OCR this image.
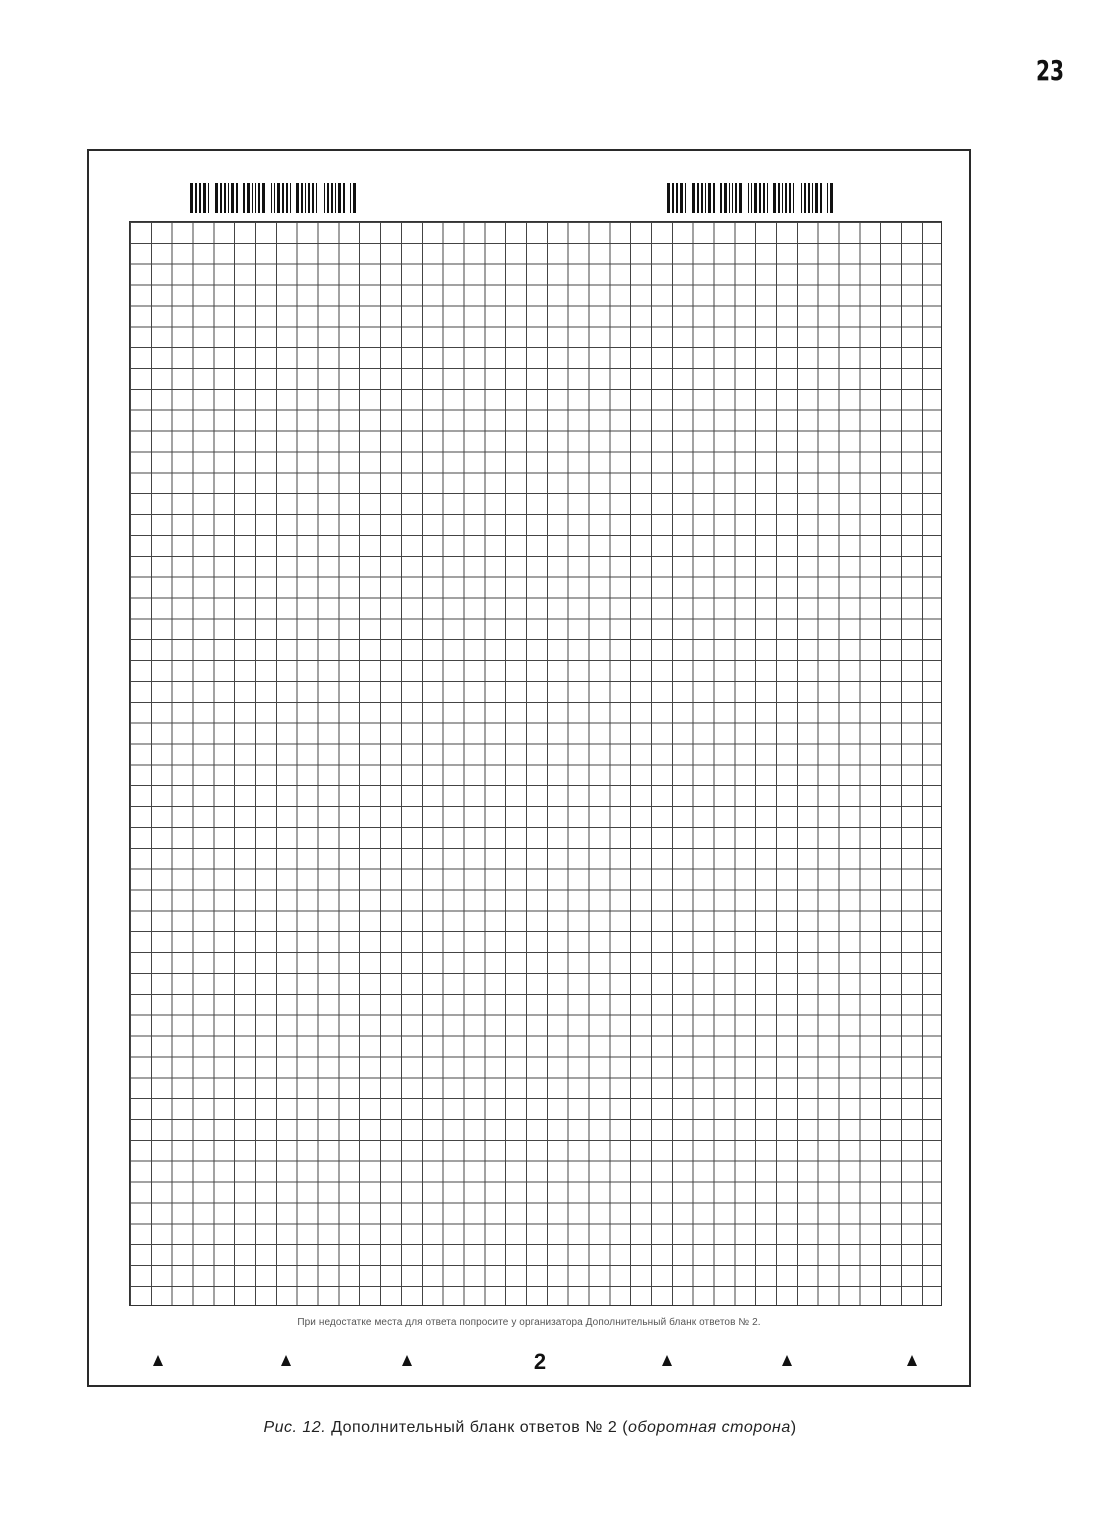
23
При недостатке места для ответа попросите у организатора Дополнительный бланк ответов № 2.
2
Рис. 12. Дополнительный бланк ответов № 2 (оборотная сторона)
